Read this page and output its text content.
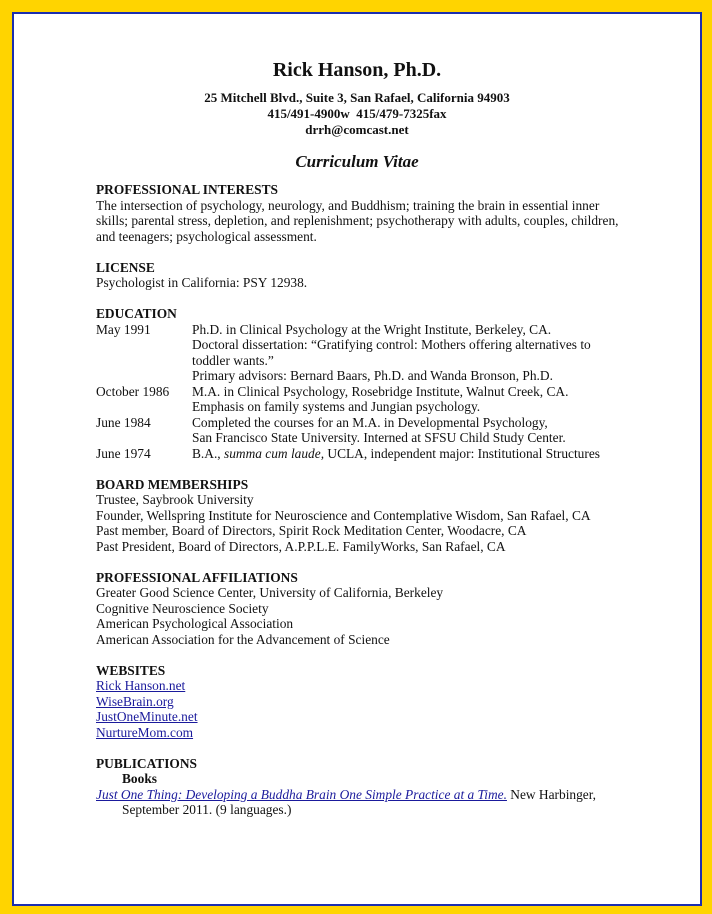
Rick Hanson, Ph.D.
25 Mitchell Blvd., Suite 3, San Rafael, California 94903
415/491-4900w  415/479-7325fax
drrh@comcast.net
Curriculum Vitae

PROFESSIONAL INTERESTS

The intersection of psychology, neurology, and Buddhism; training the brain in essential inner

skills; parental stress, depletion, and replenishment; psychotherapy with adults, couples, children,

and teenagers; psychological assessment.

LICENSE

Psychologist in California: PSY 12938.

EDUCATION

May 1991	Ph.D. in Clinical Psychology at the Wright Institute, Berkeley, CA.

Doctoral dissertation: “Gratifying control: Mothers offering alternatives to

toddler wants.”

Primary advisors: Bernard Baars, Ph.D. and Wanda Bronson, Ph.D.

October 1986	M.A. in Clinical Psychology, Rosebridge Institute, Walnut Creek, CA.

Emphasis on family systems and Jungian psychology.

June 1984	Completed the courses for an M.A. in Developmental Psychology,

San Francisco State University. Interned at SFSU Child Study Center.

June 1974	B.A., summa cum laude, UCLA, independent major: Institutional Structures

BOARD MEMBERSHIPS

Trustee, Saybrook University

Founder, Wellspring Institute for Neuroscience and Contemplative Wisdom, San Rafael, CA

Past member, Board of Directors, Spirit Rock Meditation Center, Woodacre, CA

Past President, Board of Directors, A.P.P.L.E. FamilyWorks, San Rafael, CA

PROFESSIONAL AFFILIATIONS

Greater Good Science Center, University of California, Berkeley

Cognitive Neuroscience Society

American Psychological Association

American Association for the Advancement of Science

WEBSITES

Rick Hanson.net

WiseBrain.org

JustOneMinute.net

NurtureMom.com

PUBLICATIONS

Books

Just One Thing: Developing a Buddha Brain One Simple Practice at a Time. New Harbinger,
September 2011. (9 languages.)
